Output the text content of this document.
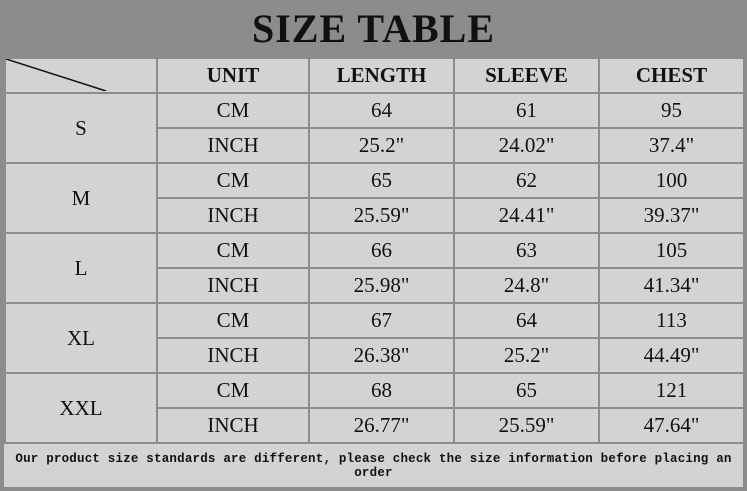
SIZE TABLE
	UNIT	LENGTH	SLEEVE	CHEST
S	CM	64	61	95
	INCH	25.2"	24.02"	37.4"
M	CM	65	62	100
	INCH	25.59"	24.41"	39.37"
L	CM	66	63	105
	INCH	25.98"	24.8"	41.34"
XL	CM	67	64	113
	INCH	26.38"	25.2"	44.49"
XXL	CM	68	65	121
	INCH	26.77"	25.59"	47.64"
Our product size standards are different, please check the size information before placing an order
